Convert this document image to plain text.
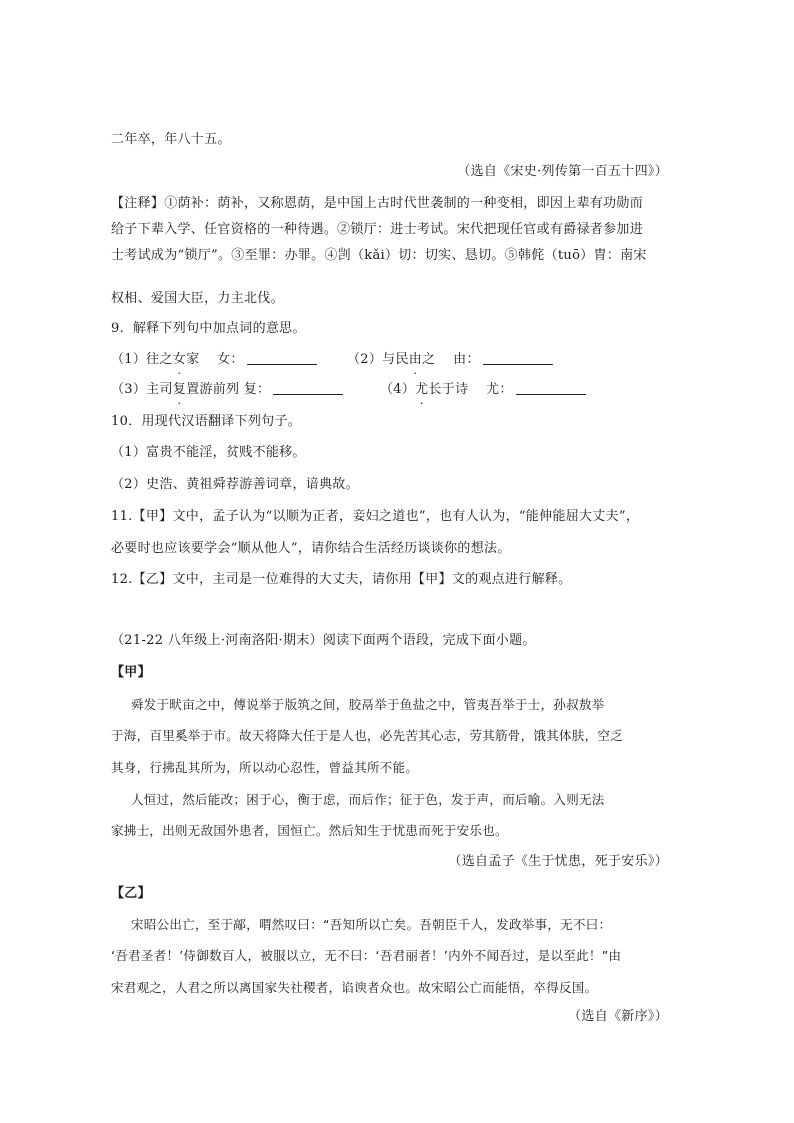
二年卒，年八十五。
（选自《宋史·列传第一百五十四》）
【注释】①荫补：荫补，又称恩荫，是中国上古时代世袭制的一种变相，即因上辈有功勋而
给子下辈入学、任官资格的一种待遇。②锁厅：进士考试。宋代把现任官或有爵禄者参加进
士考试成为“锁厅”。③至罪：办罪。④剀（kǎi）切：切实、恳切。⑤韩侂（tuō）胄：南宋
权相、爱国大臣，力主北伐。
9．解释下列句中加点词的意思。
（1）往之女家 女：	（2）与民由之 由：
（3）主司复置游前列 复：	（4）尤长于诗 尤：
10．用现代汉语翻译下列句子。
（1）富贵不能淫，贫贱不能移。
（2）史浩、黄祖舜荐游善词章，谙典故。
11.【甲】文中，孟子认为“以顺为正者，妾妇之道也”，也有人认为，“能伸能屈大丈夫”，
必要时也应该要学会“顺从他人”，请你结合生活经历谈谈你的想法。
12.【乙】文中，主司是一位难得的大丈夫，请你用【甲】文的观点进行解释。
（21-22 八年级上·河南洛阳·期末）阅读下面两个语段，完成下面小题。
【甲】
舜发于畎亩之中，傅说举于版筑之间，胶鬲举于鱼盐之中，管夷吾举于士，孙叔敖举
于海，百里奚举于市。故天将降大任于是人也，必先苦其心志，劳其筋骨，饿其体肤，空乏
其身，行拂乱其所为，所以动心忍性，曾益其所不能。
人恒过，然后能改；困于心，衡于虑，而后作；征于色，发于声，而后喻。入则无法
家拂士，出则无敌国外患者，国恒亡。然后知生于忧患而死于安乐也。
（选自孟子《生于忧患，死于安乐》）
【乙】
宋昭公出亡，至于鄗，喟然叹曰：“吾知所以亡矣。吾朝臣千人，发政举事，无不曰：
‘吾君圣者！’侍御数百人，被服以立，无不曰：‘吾君丽者！’内外不闻吾过，是以至此！”由
宋君观之，人君之所以离国家失社稷者，谄谀者众也。故宋昭公亡而能悟，卒得反国。
（选自《新序》）
